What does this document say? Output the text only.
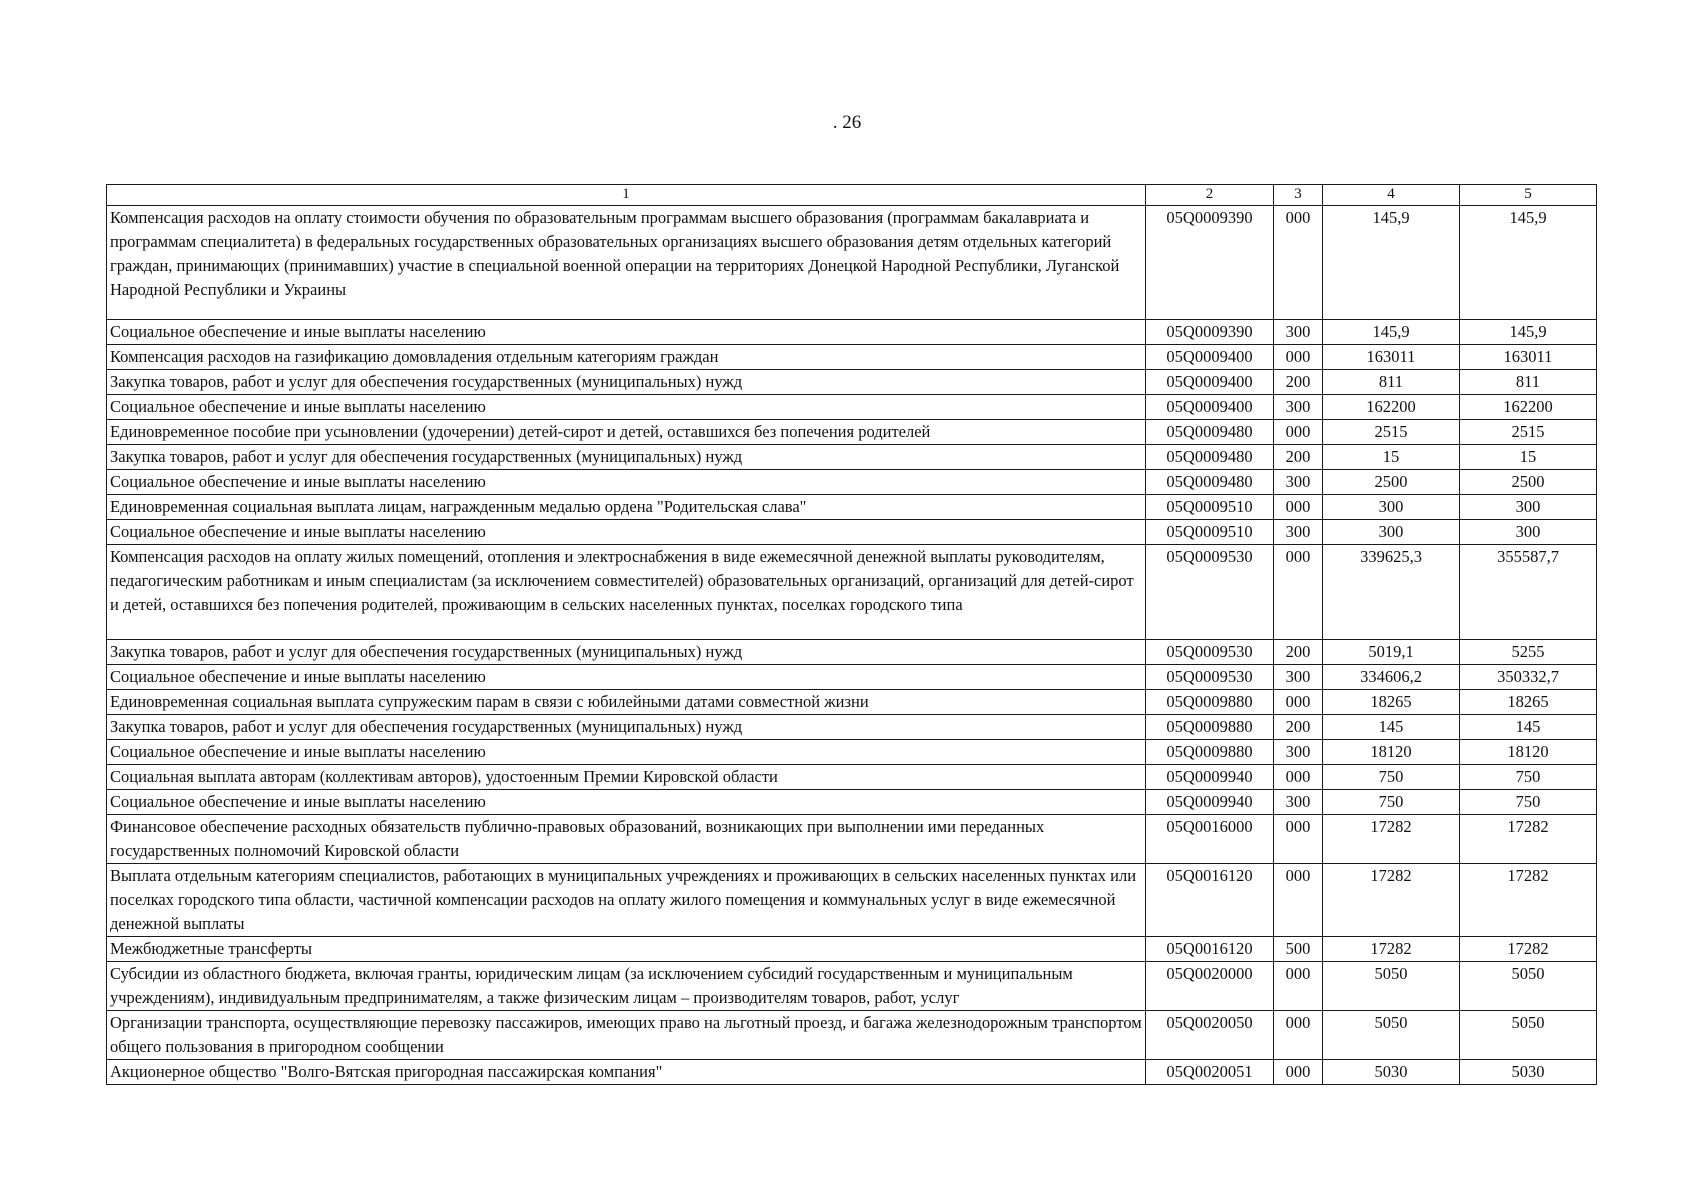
. 26
1	2	3	4	5
Компенсация расходов на оплату стоимости обучения по образовательным программам высшего образования (программам бакалавриата и программам специалитета) в федеральных государственных образовательных организациях высшего образования детям отдельных категорий граждан, принимающих (принимавших) участие в специальной военной операции на территориях Донецкой Народной Республики, Луганской Народной Республики и Украины	05Q0009390	000	145,9	145,9
Социальное обеспечение и иные выплаты населению	05Q0009390	300	145,9	145,9
Компенсация расходов на газификацию домовладения отдельным категориям граждан	05Q0009400	000	163011	163011
Закупка товаров, работ и услуг для обеспечения государственных (муниципальных) нужд	05Q0009400	200	811	811
Социальное обеспечение и иные выплаты населению	05Q0009400	300	162200	162200
Единовременное пособие при усыновлении (удочерении) детей-сирот и детей, оставшихся без попечения родителей	05Q0009480	000	2515	2515
Закупка товаров, работ и услуг для обеспечения государственных (муниципальных) нужд	05Q0009480	200	15	15
Социальное обеспечение и иные выплаты населению	05Q0009480	300	2500	2500
Единовременная социальная выплата лицам, награжденным медалью ордена "Родительская слава"	05Q0009510	000	300	300
Социальное обеспечение и иные выплаты населению	05Q0009510	300	300	300
Компенсация расходов на оплату жилых помещений, отопления и электроснабжения в виде ежемесячной денежной выплаты руководителям, педагогическим работникам и иным специалистам (за исключением совместителей) образовательных организаций, организаций для детей-сирот и детей, оставшихся без попечения родителей, проживающим в сельских населенных пунктах, поселках городского типа	05Q0009530	000	339625,3	355587,7
Закупка товаров, работ и услуг для обеспечения государственных (муниципальных) нужд	05Q0009530	200	5019,1	5255
Социальное обеспечение и иные выплаты населению	05Q0009530	300	334606,2	350332,7
Единовременная социальная выплата супружеским парам в связи с юбилейными датами совместной жизни	05Q0009880	000	18265	18265
Закупка товаров, работ и услуг для обеспечения государственных (муниципальных) нужд	05Q0009880	200	145	145
Социальное обеспечение и иные выплаты населению	05Q0009880	300	18120	18120
Социальная выплата авторам (коллективам авторов), удостоенным Премии Кировской области	05Q0009940	000	750	750
Социальное обеспечение и иные выплаты населению	05Q0009940	300	750	750
Финансовое обеспечение расходных обязательств публично-правовых образований, возникающих при выполнении ими переданных государственных полномочий Кировской области	05Q0016000	000	17282	17282
Выплата отдельным категориям специалистов, работающих в муниципальных учреждениях и проживающих в сельских населенных пунктах или поселках городского типа области, частичной компенсации расходов на оплату жилого помещения и коммунальных услуг в виде ежемесячной денежной выплаты	05Q0016120	000	17282	17282
Межбюджетные трансферты	05Q0016120	500	17282	17282
Субсидии из областного бюджета, включая гранты, юридическим лицам (за исключением субсидий государственным и муниципальным учреждениям), индивидуальным предпринимателям, а также физическим лицам – производителям товаров, работ, услуг	05Q0020000	000	5050	5050
Организации транспорта, осуществляющие перевозку пассажиров, имеющих право на льготный проезд, и багажа железнодорожным транспортом общего пользования в пригородном сообщении	05Q0020050	000	5050	5050
Акционерное общество "Волго-Вятская пригородная пассажирская компания"	05Q0020051	000	5030	5030
